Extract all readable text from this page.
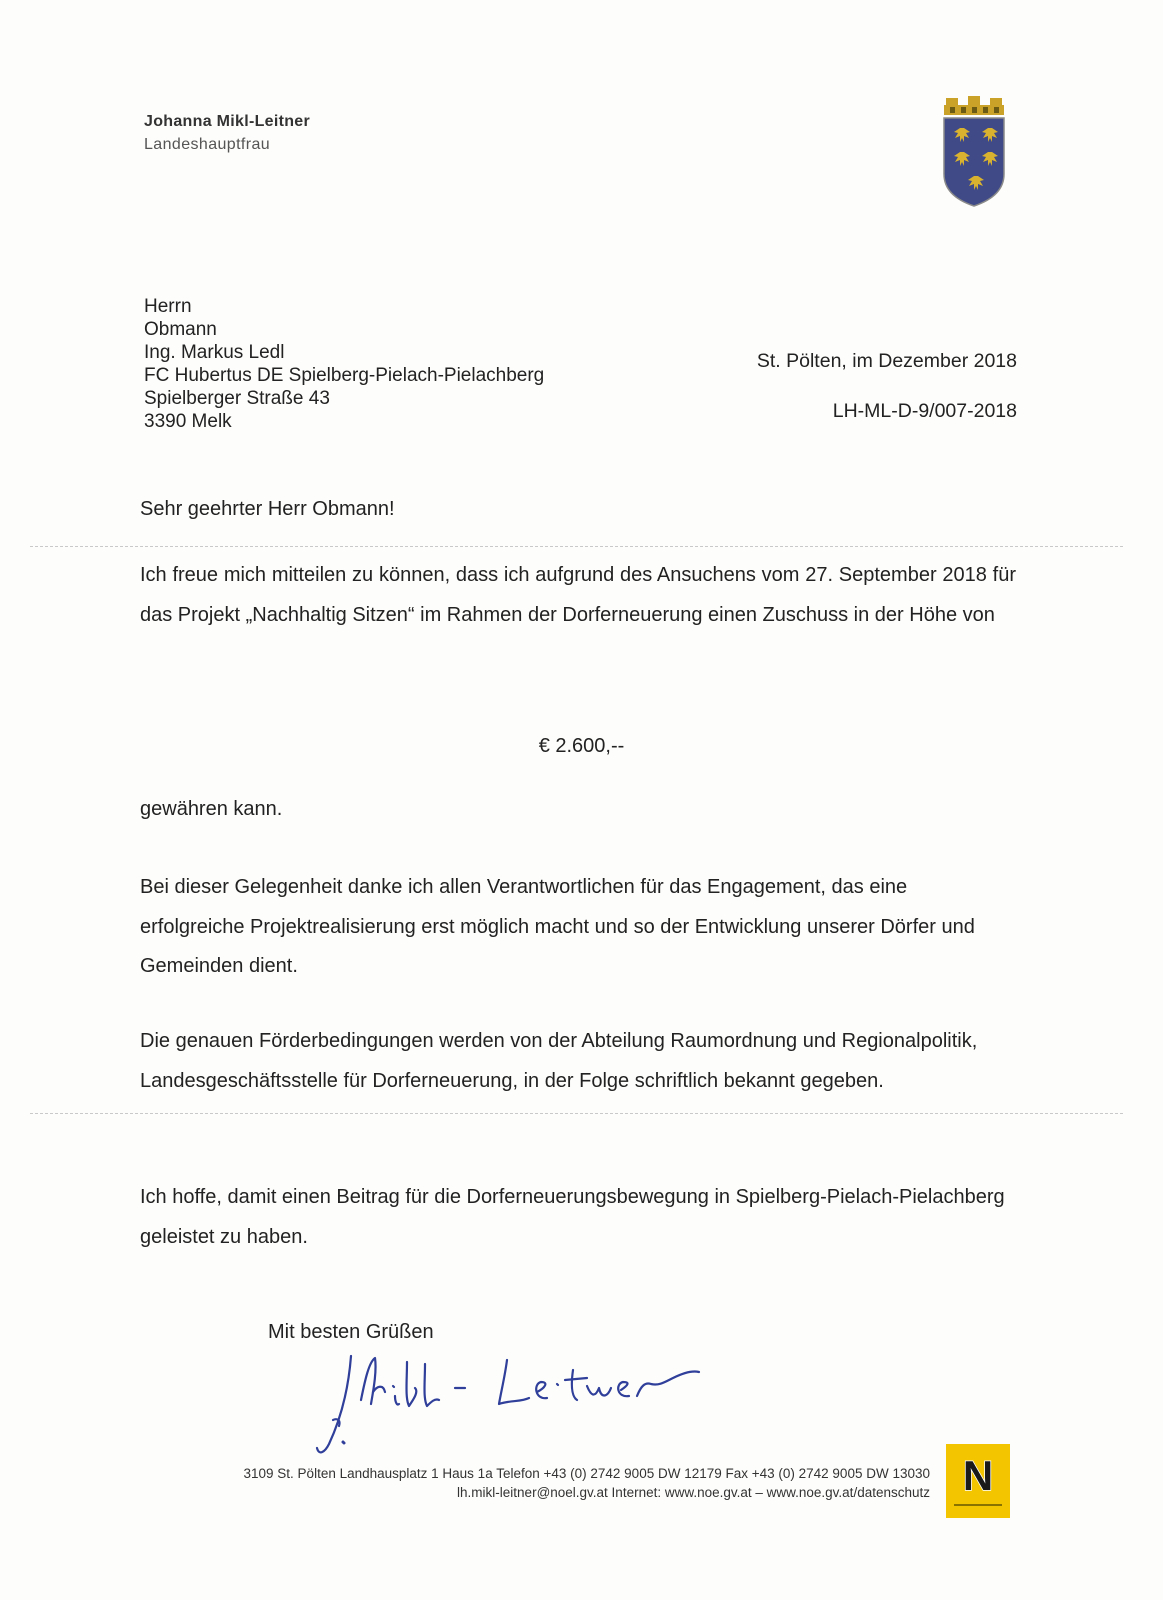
Johanna Mikl-Leitner
Landeshauptfrau
Herrn
Obmann
Ing. Markus Ledl
FC Hubertus DE Spielberg-Pielach-Pielachberg
Spielberger Straße 43
3390 Melk
St. Pölten, im Dezember 2018
LH-ML-D-9/007-2018
Sehr geehrter Herr Obmann!
Ich freue mich mitteilen zu können, dass ich aufgrund des Ansuchens vom 27. September 2018 für das Projekt „Nachhaltig Sitzen“ im Rahmen der Dorferneuerung einen Zuschuss in der Höhe von
€ 2.600,--
gewähren kann.
Bei dieser Gelegenheit danke ich allen Verantwortlichen für das Engagement, das eine erfolgreiche Projektrealisierung erst möglich macht und so der Entwicklung unserer Dörfer und Gemeinden dient.
Die genauen Förderbedingungen werden von der Abteilung Raumordnung und Regionalpolitik, Landesgeschäftsstelle für Dorferneuerung, in der Folge schriftlich bekannt gegeben.
Ich hoffe, damit einen Beitrag für die Dorferneuerungsbewegung in Spielberg-Pielach-Pielachberg geleistet zu haben.
Mit besten Grüßen
3109 St. Pölten Landhausplatz 1 Haus 1a Telefon +43 (0) 2742 9005 DW 12179 Fax +43 (0) 2742 9005 DW 13030
lh.mikl-leitner@noel.gv.at Internet: www.noe.gv.at – www.noe.gv.at/datenschutz N
